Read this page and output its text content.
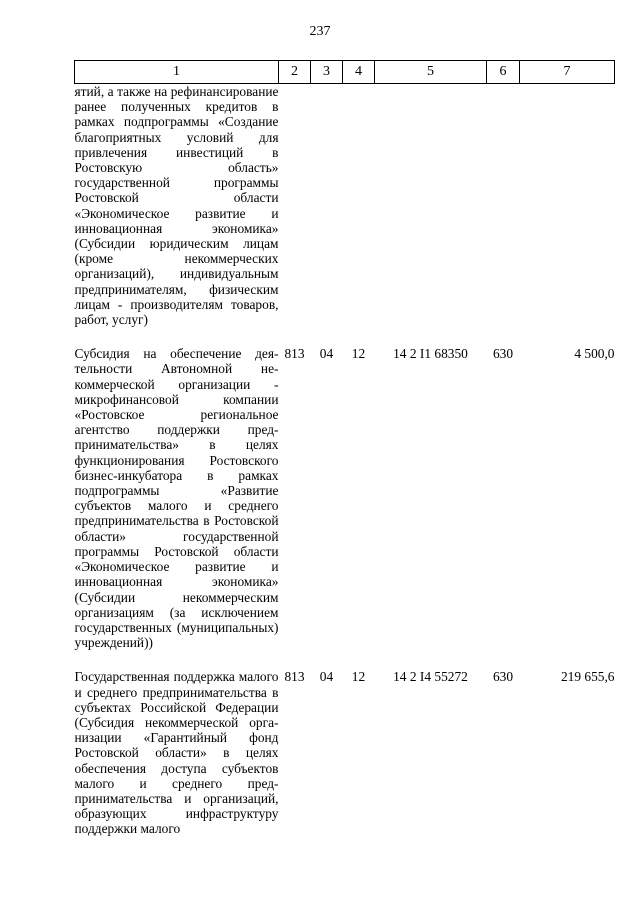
237
1	2	3	4	5	6	7
ятий, а также на рефинансирование ранее полученных кредитов в рамках подпрограммы «Создание благоприятных условий для привлечения инвестиций в Ростовскую область» государственной программы Ростовской области «Экономическое развитие и инновационная экономика» (Субсидии юридическим лицам (кроме некоммерческих организаций), индивидуальным предпринимателям, физическим лицам - производителям товаров, работ, услуг)						
Субсидия на обеспечение деятельности Автономной некоммерческой организации - микрофинансовой компании «Ростовское региональное агентство поддержки предпринимательства» в целях функционирования Ростовского бизнес-инкубатора в рамках подпрограммы «Развитие субъектов малого и среднего предпринимательства в Ростовской области» государственной программы Ростовской области «Экономическое развитие и инновационная экономика» (Субсидии некоммерческим организациям (за исключением государственных (муниципальных) учреждений))	813	04	12	14 2 I1 68350	630	4 500,0
Государственная поддержка малого и среднего предпринимательства в субъектах Российской Федерации (Субсидия некоммерческой организации «Гарантийный фонд Ростовской области» в целях обеспечения доступа субъектов малого и среднего предпринимательства и организаций, образующих инфраструктуру поддержки малого	813	04	12	14 2 I4 55272	630	219 655,6
